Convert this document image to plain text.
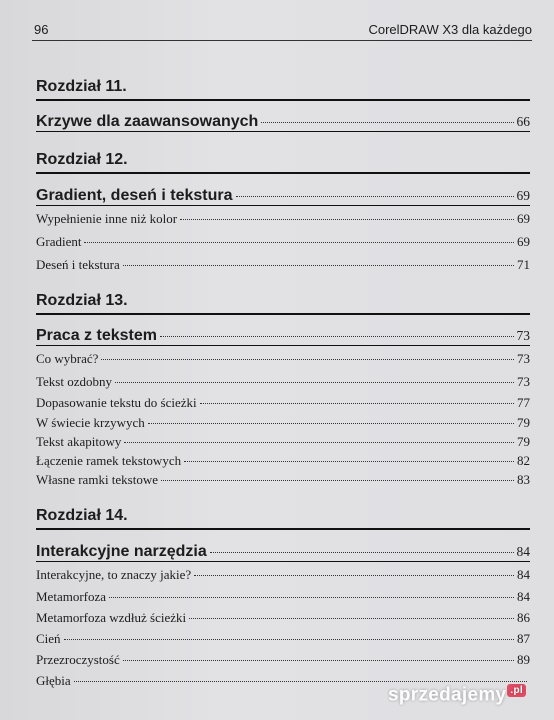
96	CorelDRAW X3 dla każdego
Rozdział 11.
Krzywe dla zaawansowanych	66
Rozdział 12.
Gradient, deseń i tekstura	69
Wypełnienie inne niż kolor	69
Gradient	69
Deseń i tekstura	71
Rozdział 13.
Praca z tekstem	73
Co wybrać?	73
Tekst ozdobny	73
Dopasowanie tekstu do ścieżki	77
W świecie krzywych	79
Tekst akapitowy	79
Łączenie ramek tekstowych	82
Własne ramki tekstowe	83
Rozdział 14.
Interakcyjne narzędzia	84
Interakcyjne, to znaczy jakie?	84
Metamorfoza	84
Metamorfoza wzdłuż ścieżki	86
Cień	87
Przezroczystość	89
Głębia
sprzedajemy .pl
